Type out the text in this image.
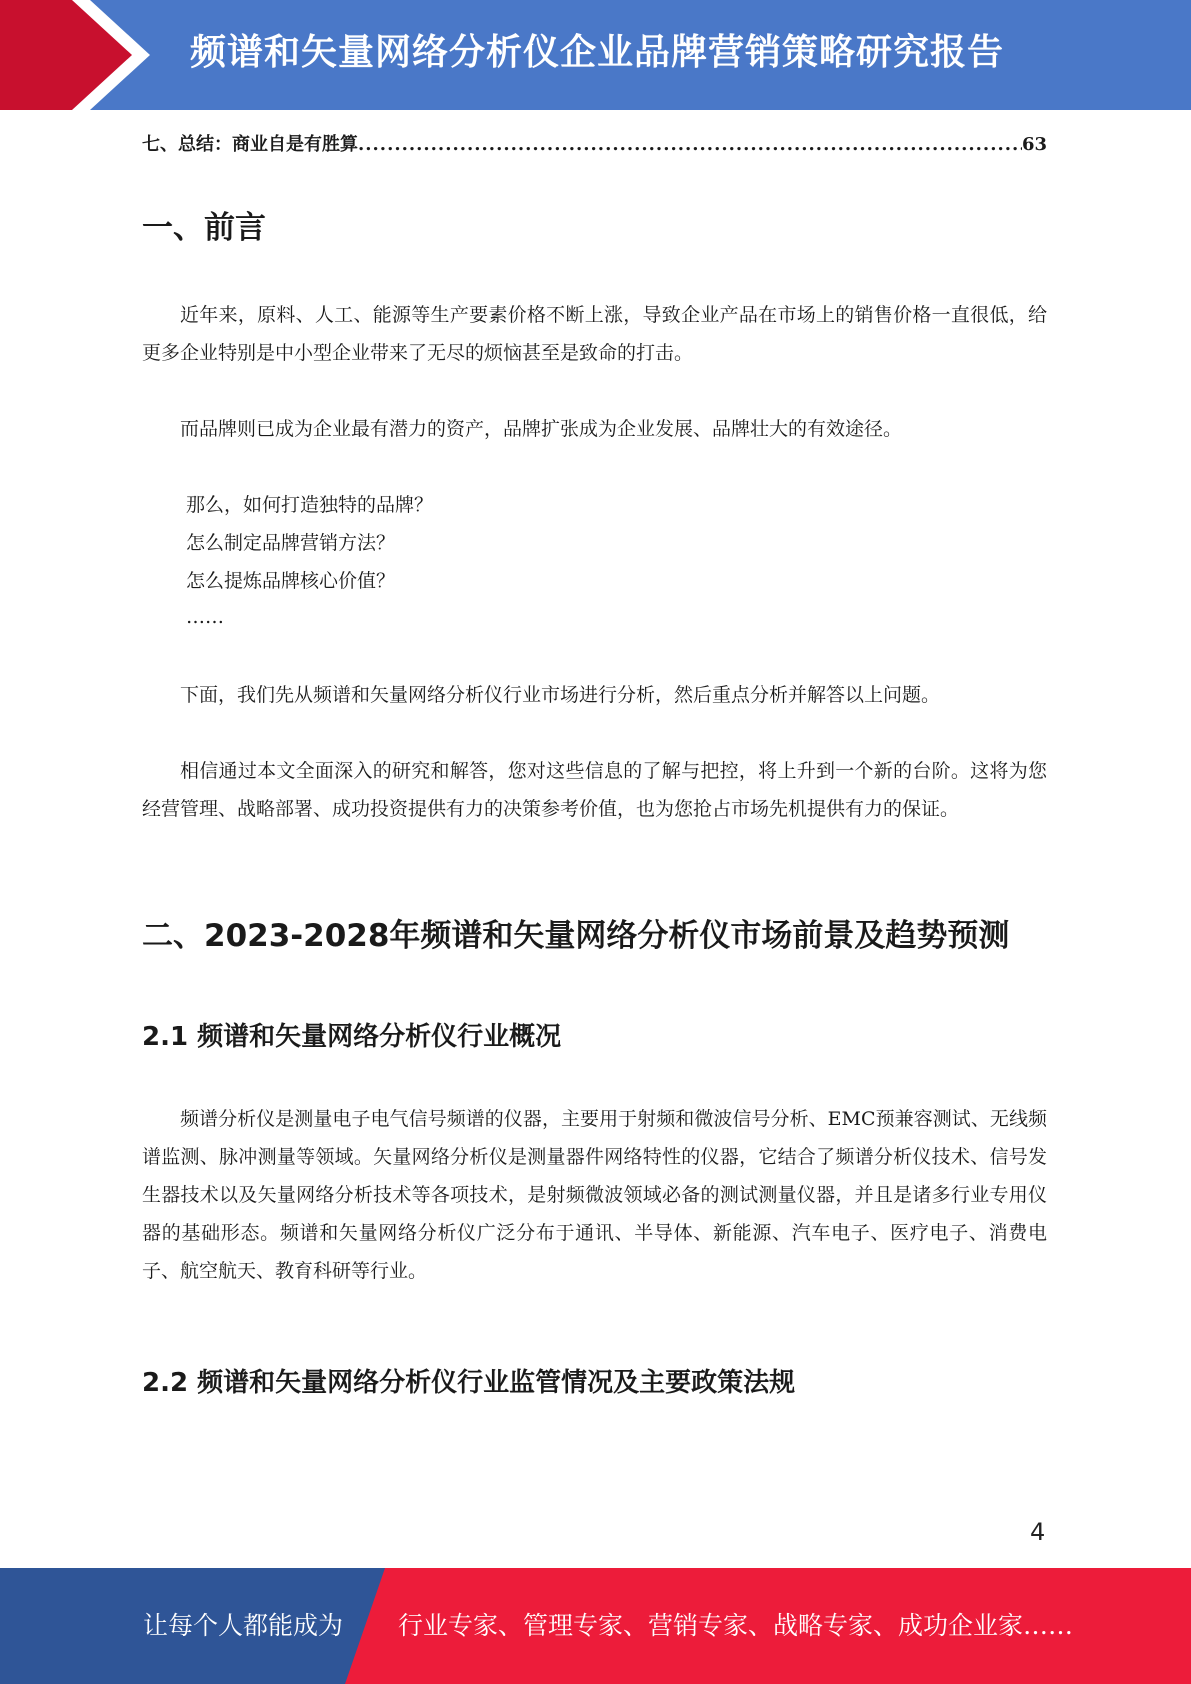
频谱和矢量网络分析仪企业品牌营销策略研究报告
七、总结：商业自是有胜算
.....	63
一、前言

近年来，原料、人工、能源等生产要素价格不断上涨，导致企业产品在市场上的销售价格一直很低，给更多企业特别是中小型企业带来了无尽的烦恼甚至是致命的打击。

而品牌则已成为企业最有潜力的资产，品牌扩张成为企业发展、品牌壮大的有效途径。

那么，如何打造独特的品牌？
怎么制定品牌营销方法？
怎么提炼品牌核心价值？
……

下面，我们先从频谱和矢量网络分析仪行业市场进行分析，然后重点分析并解答以上问题。

相信通过本文全面深入的研究和解答，您对这些信息的了解与把控，将上升到一个新的台阶。这将为您经营管理、战略部署、成功投资提供有力的决策参考价值，也为您抢占市场先机提供有力的保证。

二、2023-2028年频谱和矢量网络分析仪市场前景及趋势预测
2.1 频谱和矢量网络分析仪行业概况

频谱分析仪是测量电子电气信号频谱的仪器，主要用于射频和微波信号分析、EMC预兼容测试、无线频谱监测、脉冲测量等领域。矢量网络分析仪是测量器件网络特性的仪器，它结合了频谱分析仪技术、信号发生器技术以及矢量网络分析技术等各项技术，是射频微波领域必备的测试测量仪器，并且是诸多行业专用仪器的基础形态。频谱和矢量网络分析仪广泛分布于通讯、半导体、新能源、汽车电子、医疗电子、消费电子、航空航天、教育科研等行业。

2.2 频谱和矢量网络分析仪行业监管情况及主要政策法规
4
让每个人都能成为 行业专家、管理专家、营销专家、战略专家、成功企业家……
